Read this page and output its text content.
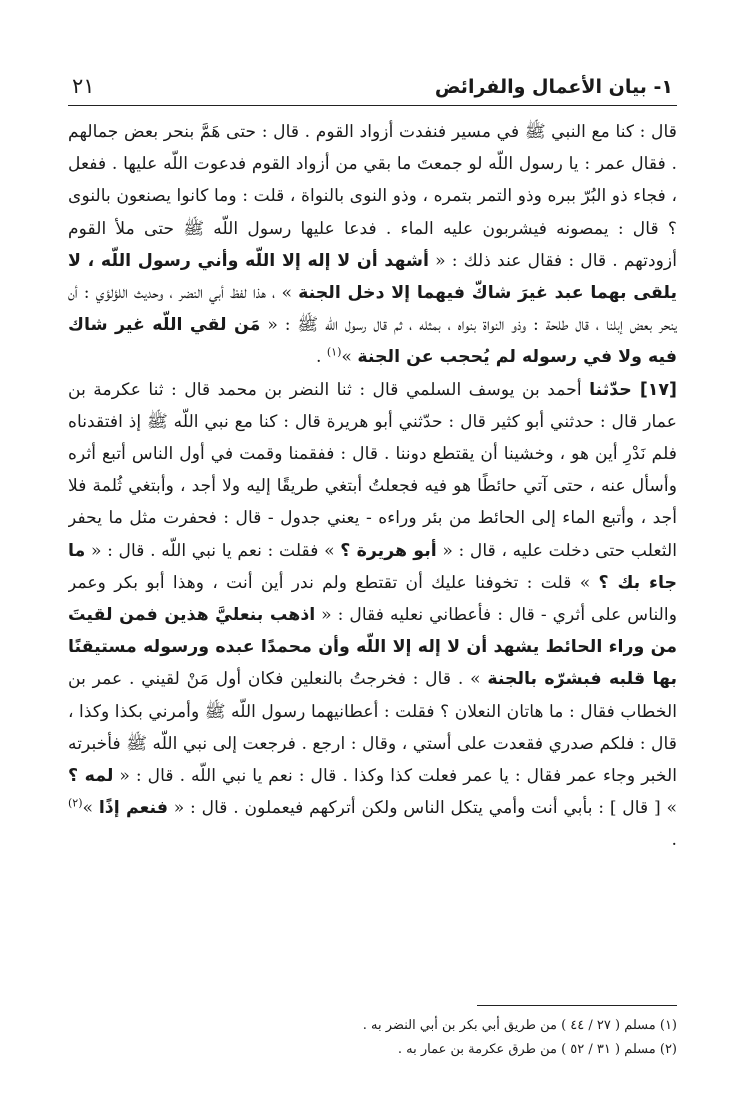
١- بيان الأعمال والفرائض
٢١

قال : كنا مع النبي ﷺ في مسير فنفدت أزواد القوم . قال : حتى هَمَّ بنحر بعض جمالهم . فقال عمر : يا رسول اللّه لو جمعتَ ما بقي من أزواد القوم فدعوت اللّه عليها . ففعل ، فجاء ذو البُرّ ببره وذو التمر بتمره ، وذو النوى بالنواة ، قلت : وما كانوا يصنعون بالنوى ؟ قال : يمصونه فيشربون عليه الماء . فدعا عليها رسول اللّه ﷺ حتى ملأ القوم أزودتهم . قال : فقال عند ذلك : « أشهد أن لا إله إلا اللّه وأني رسول اللّه ، لا يلقى بهما عبد غيرَ شاكّ فيهما إلا دخل الجنة » ، هذا لفظ أبي النضر ، وحديث اللؤلؤي : أن ينحر بعض إبلنا ، قال طلحة : وذو النواة بنواه ، بمثله ، ثم قال رسول اللّه ﷺ : « مَن لقي اللّه غير شاك فيه ولا في رسوله لم يُحجب عن الجنة »$^{(١)}$ .

[١٧] حدّثنا أحمد بن يوسف السلمي قال : ثنا النضر بن محمد قال : ثنا عكرمة بن عمار قال : حدثني أبو كثير قال : حدّثني أبو هريرة قال : كنا مع نبي اللّه ﷺ إذ افتقدناه فلم نَدْرِ أين هو ، وخشينا أن يقتطع دوننا . قال : ففقمنا وقمت في أول الناس أتبع أثره وأسأل عنه ، حتى آتي حائطًا هو فيه فجعلتُ أبتغي طريقًا إليه ولا أجد ، وأبتغي ثُلمة فلا أجد ، وأتبع الماء إلى الحائط من بئر وراءه - يعني جدول - قال : فحفرت مثل ما يحفر الثعلب حتى دخلت عليه ، قال : « أبو هريرة ؟ » فقلت : نعم يا نبي اللّه . قال : « ما جاء بك ؟ » قلت : تخوفنا عليك أن تقتطع ولم ندر أين أنت ، وهذا أبو بكر وعمر والناس على أثري - قال : فأعطاني نعليه فقال : « اذهب بنعليَّ هذين فمن لقيتَ من وراء الحائط يشهد أن لا إله إلا اللّه وأن محمدًا عبده ورسوله مستيقنًا بها قلبه فبشرّه بالجنة » . قال : فخرجتُ بالنعلين فكان أول مَنْ لقيني . عمر بن الخطاب فقال : ما هاتان النعلان ؟ فقلت : أعطانيهما رسول اللّه ﷺ وأمرني بكذا وكذا ، قال : فلكم صدري فقعدت على أستي ، وقال : ارجع . فرجعت إلى نبي اللّه ﷺ فأخبرته الخبر وجاء عمر فقال : يا عمر فعلت كذا وكذا . قال : نعم يا نبي اللّه . قال : « لمه ؟ » [ قال ] : بأبي أنت وأمي يتكل الناس ولكن أتركهم فيعملون . قال : « فنعم إذًا »$^{(٢)}$ .

(١) مسلم ( ٢٧ / ٤٤ ) من طريق أبي بكر بن أبي النضر به .

(٢) مسلم ( ٣١ / ٥٢ ) من طرق عكرمة بن عمار به .
